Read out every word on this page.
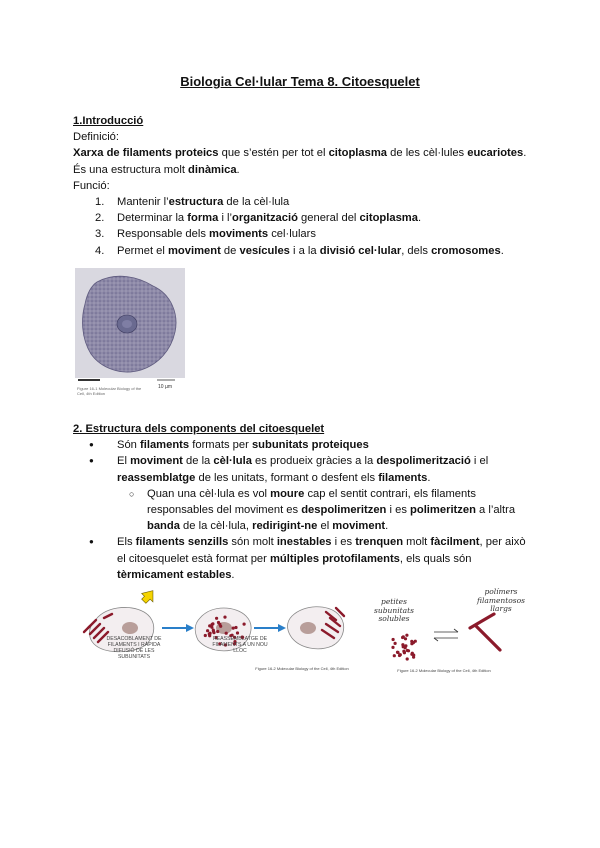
Biologia Cel·lular Tema 8. Citoesquelet
1.Introducció
Definició:
Xarxa de filaments proteics que s’estén per tot el citoplasma de les cèl·lules eucariotes. És una estructura molt dinàmica.
Funció:
1. Mantenir l’estructura de la cèl·lula
2. Determinar la forma i l’organització general del citoplasma.
3. Responsable dels moviments cel·lulars
4. Permet el moviment de vesícules i a la divisió cel·lular, dels cromosomes.
Figure 16-1 Molecular Biology of the Cell, 4th Edition
10 µm
2. Estructura dels components del citoesquelet
● Són filaments formats per subunitats proteiques
● El moviment de la cèl·lula es produeix gràcies a la despolimerització i el reassemblatge de les unitats, formant o desfent els filaments.
○ Quan una cèl·lula es vol moure cap el sentit contrari, els filaments responsables del moviment es despolimeritzen i es polimeritzen a l’altra banda de la cèl·lula, redirigint-ne el moviment.
● Els filaments senzills són molt inestables i es trenquen molt fàcilment, per això el citoesquelet està format per múltiples protofilaments, els quals són tèrmicament estables.
DESACOBLAMENT DE FILAMENTS I RÀPIDA DIFUSIÓ DE LES SUBUNITATS
REASSEMBLATGE DE FILAMENTS A UN NOU LLOC
Figure 16-2 Molecular Biology of the Cell, 4th Edition
petites subunitats solubles
polímers filamentosos llargs
Figure 16-2 Molecular Biology of the Cell, 4th Edition
